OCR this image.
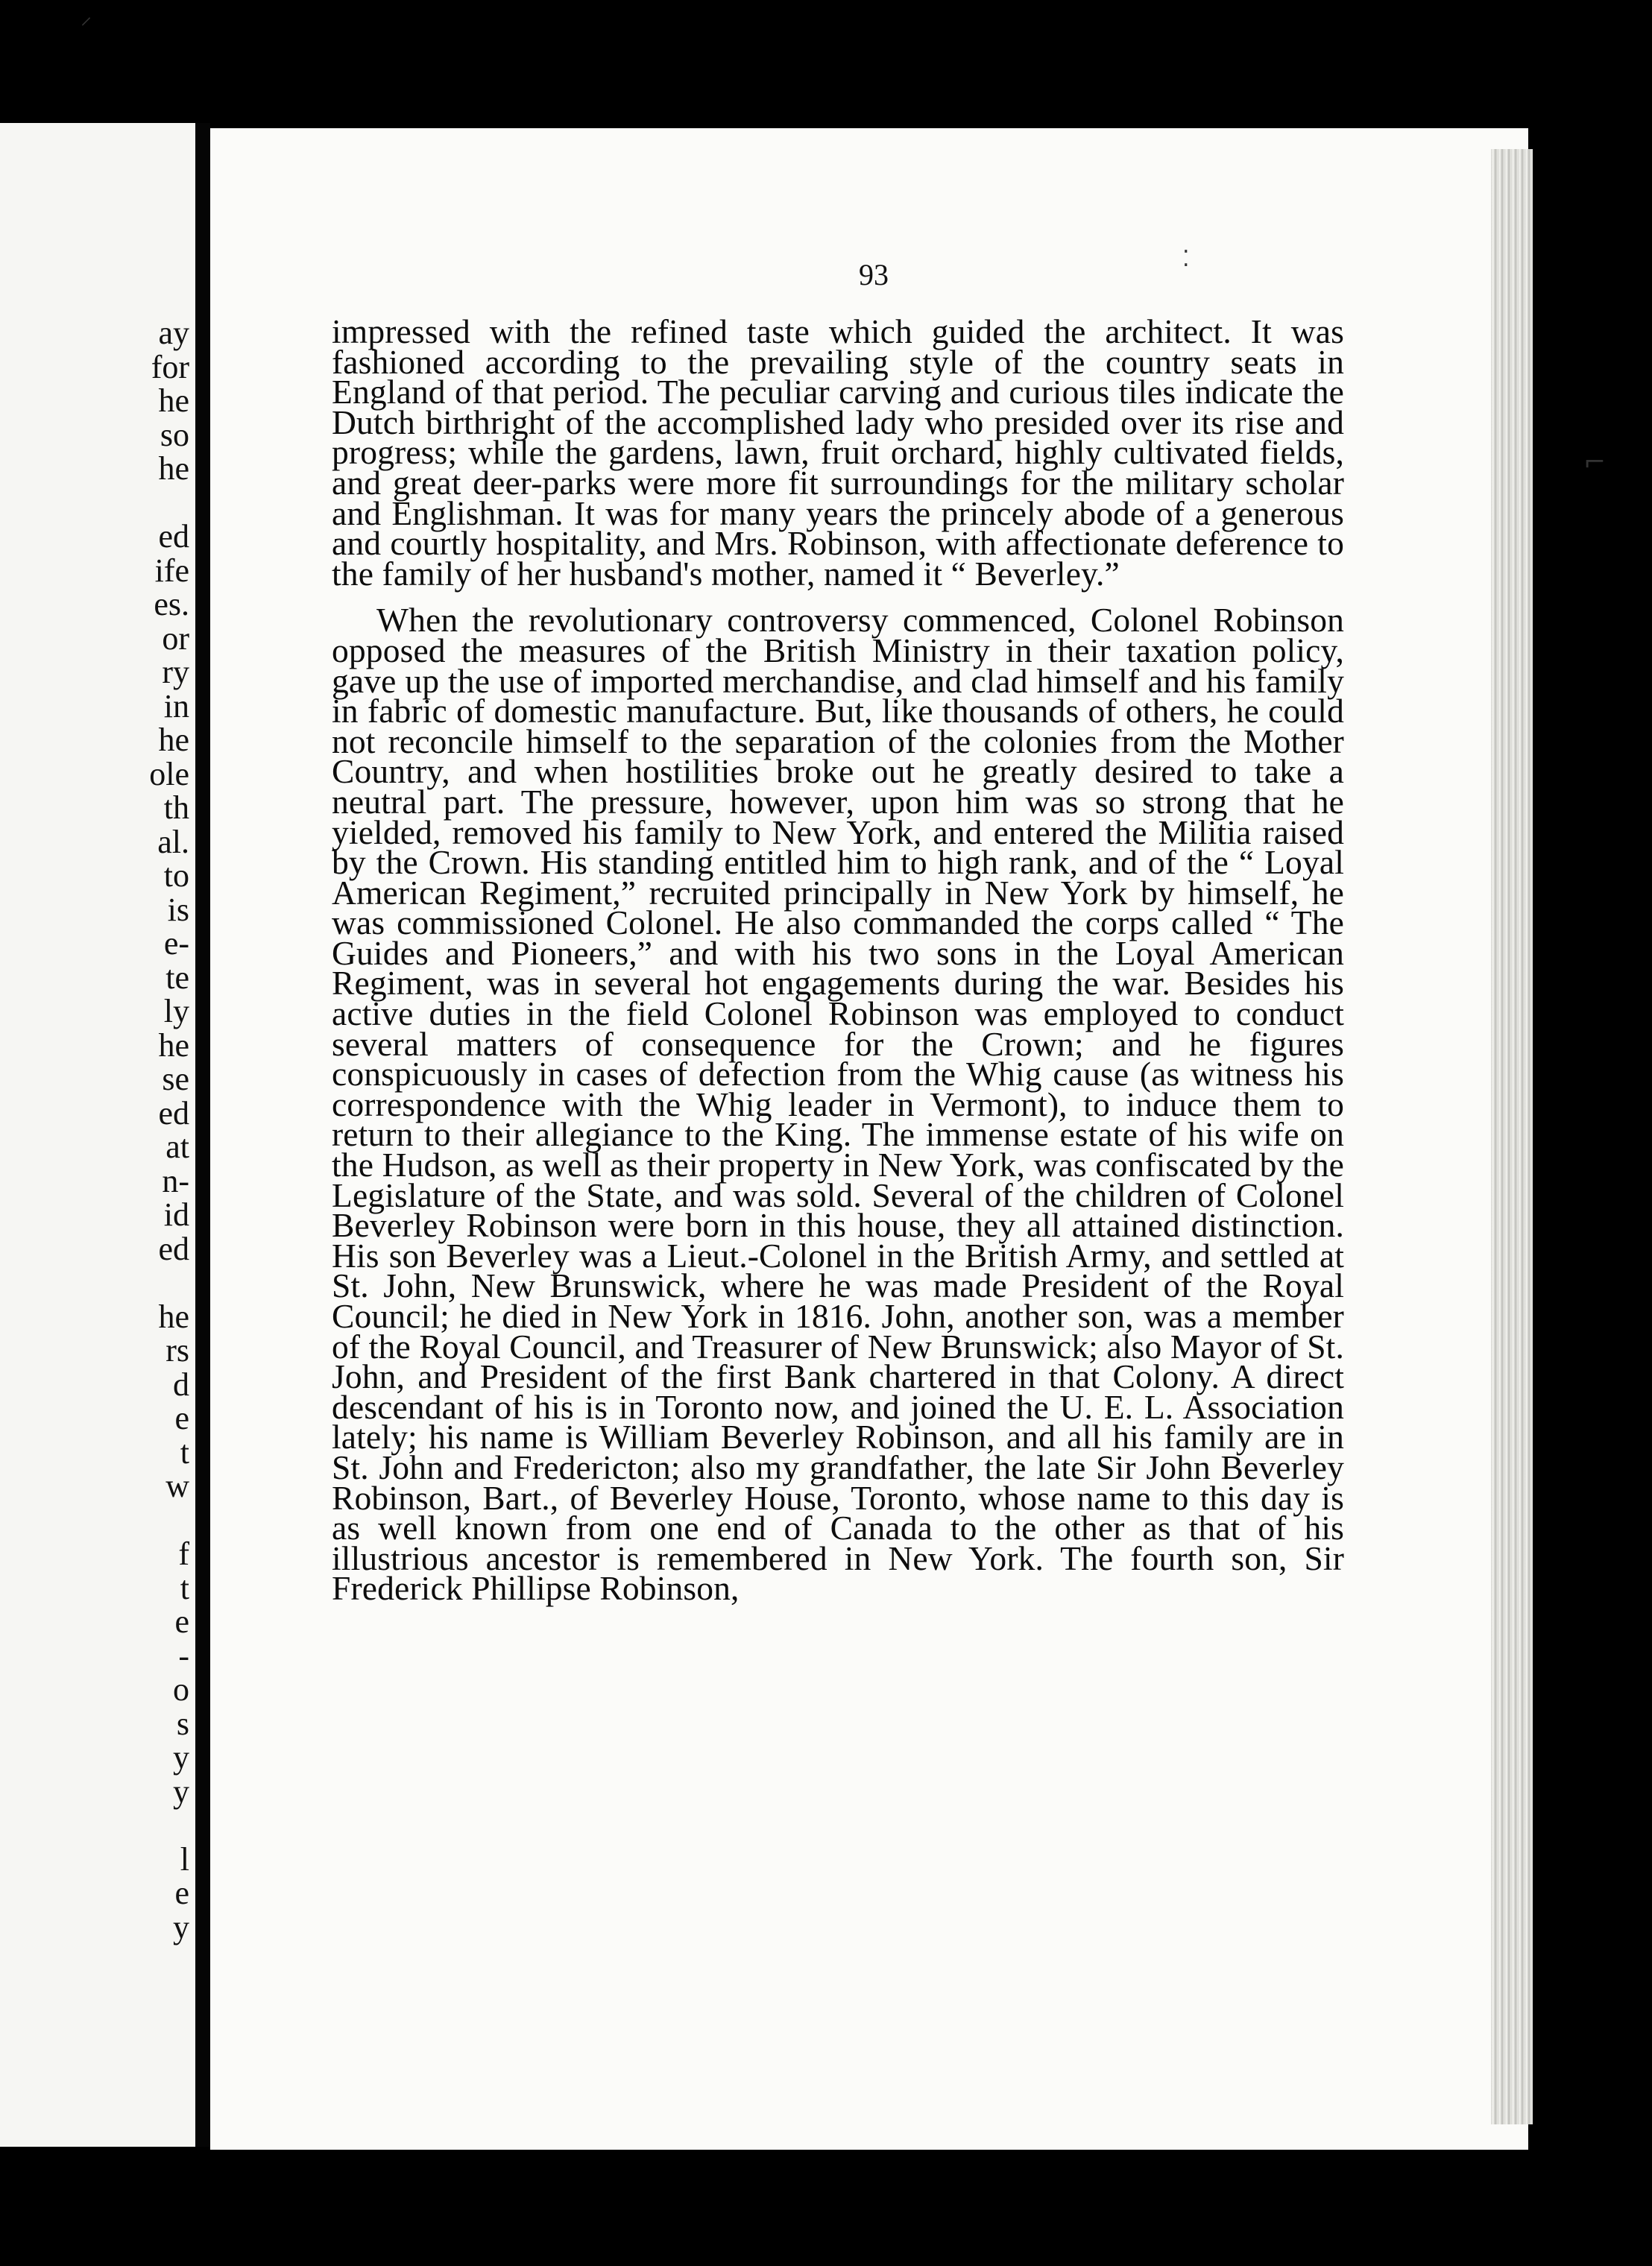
ay
for
he
so
he
ed
ife
es.
or
ry
in
he
ole
th
al.
to
is
e-
te
ly
he
se
ed
at
n-
id
ed
he
rs
d
e
t
w
f
t
e
-
o
s
y
y
l
e
y
93

impressed with the refined taste which guided the architect. It was fashioned according to the prevailing style of the country seats in England of that period. The peculiar carving and curious tiles indicate the Dutch birthright of the accomplished lady who presided over its rise and progress; while the gardens, lawn, fruit orchard, highly cultivated fields, and great deer-parks were more fit surroundings for the military scholar and Englishman. It was for many years the princely abode of a generous and courtly hospitality, and Mrs. Robinson, with affectionate deference to the family of her husband's mother, named it “ Beverley.”

When the revolutionary controversy commenced, Colonel Robinson opposed the measures of the British Ministry in their taxation policy, gave up the use of imported merchandise, and clad himself and his family in fabric of domestic manufacture. But, like thousands of others, he could not reconcile himself to the separation of the colonies from the Mother Country, and when hostilities broke out he greatly desired to take a neutral part. The pressure, however, upon him was so strong that he yielded, removed his family to New York, and entered the Militia raised by the Crown. His standing entitled him to high rank, and of the “ Loyal American Regiment,” recruited principally in New York by himself, he was commissioned Colonel. He also commanded the corps called “ The Guides and Pioneers,” and with his two sons in the Loyal American Regiment, was in several hot engagements during the war. Besides his active duties in the field Colonel Robinson was employed to conduct several matters of consequence for the Crown; and he figures conspicuously in cases of defection from the Whig cause (as witness his correspondence with the Whig leader in Vermont), to induce them to return to their allegiance to the King. The immense estate of his wife on the Hudson, as well as their property in New York, was confiscated by the Legislature of the State, and was sold. Several of the children of Colonel Beverley Robinson were born in this house, they all attained distinction. His son Beverley was a Lieut.-Colonel in the British Army, and settled at St. John, New Brunswick, where he was made President of the Royal Council; he died in New York in 1816. John, another son, was a member of the Royal Council, and Treasurer of New Brunswick; also Mayor of St. John, and President of the first Bank chartered in that Colony. A direct descendant of his is in Toronto now, and joined the U. E. L. Association lately; his name is William Beverley Robinson, and all his family are in St. John and Fredericton; also my grandfather, the late Sir John Beverley Robinson, Bart., of Beverley House, Toronto, whose name to this day is as well known from one end of Canada to the other as that of his illustrious ancestor is remembered in New York. The fourth son, Sir Frederick Phillipse Robinson,

⸝
⁚
⌐
